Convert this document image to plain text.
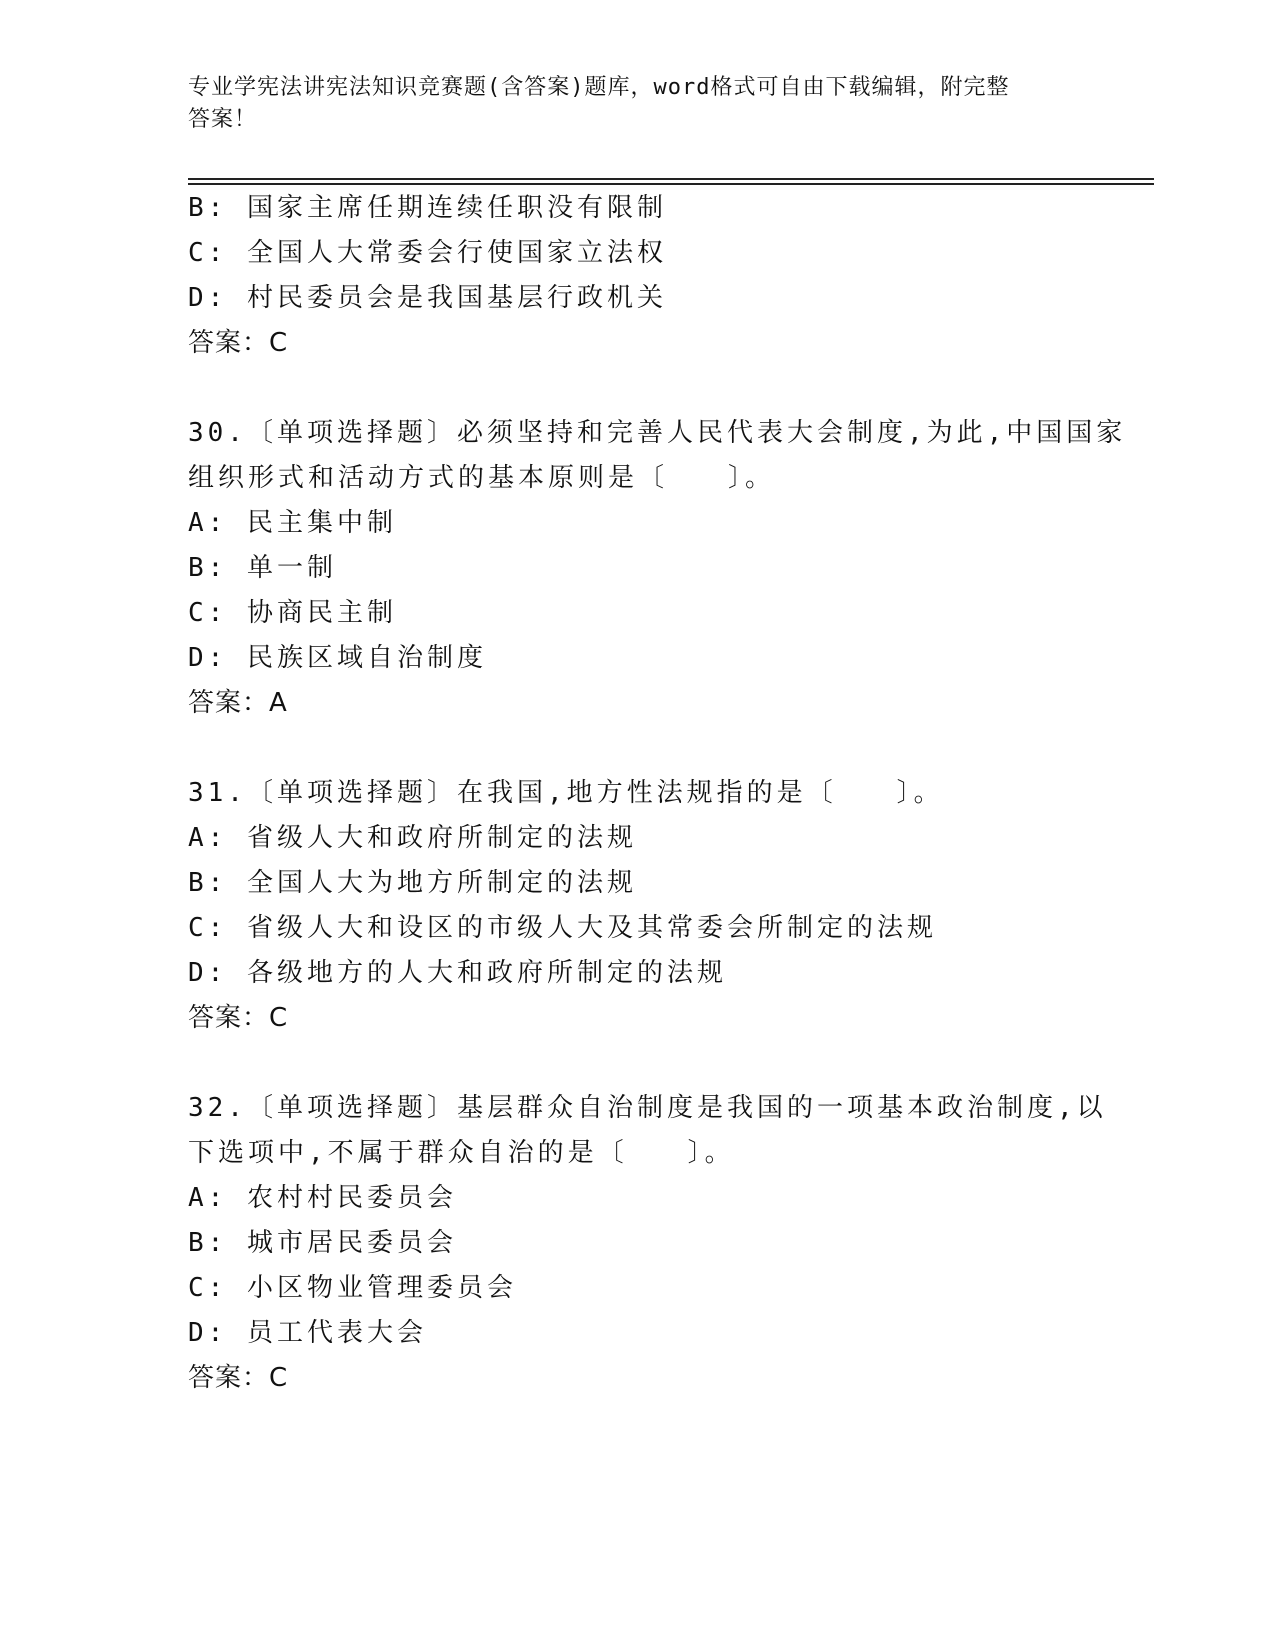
专业学宪法讲宪法知识竞赛题(含答案)题库，word格式可自由下载编辑，附完整
答案！
B: 国家主席任期连续任职没有限制
C: 全国人大常委会行使国家立法权
D: 村民委员会是我国基层行政机关
答案：C
30.〔单项选择题〕必须坚持和完善人民代表大会制度,为此,中国国家
组织形式和活动方式的基本原则是〔　　〕。
A: 民主集中制
B: 单一制
C: 协商民主制
D: 民族区域自治制度
答案：A
31.〔单项选择题〕在我国,地方性法规指的是〔　　〕。
A: 省级人大和政府所制定的法规
B: 全国人大为地方所制定的法规
C: 省级人大和设区的市级人大及其常委会所制定的法规
D: 各级地方的人大和政府所制定的法规
答案：C
32.〔单项选择题〕基层群众自治制度是我国的一项基本政治制度,以
下选项中,不属于群众自治的是〔　　〕。
A: 农村村民委员会
B: 城市居民委员会
C: 小区物业管理委员会
D: 员工代表大会
答案：C
